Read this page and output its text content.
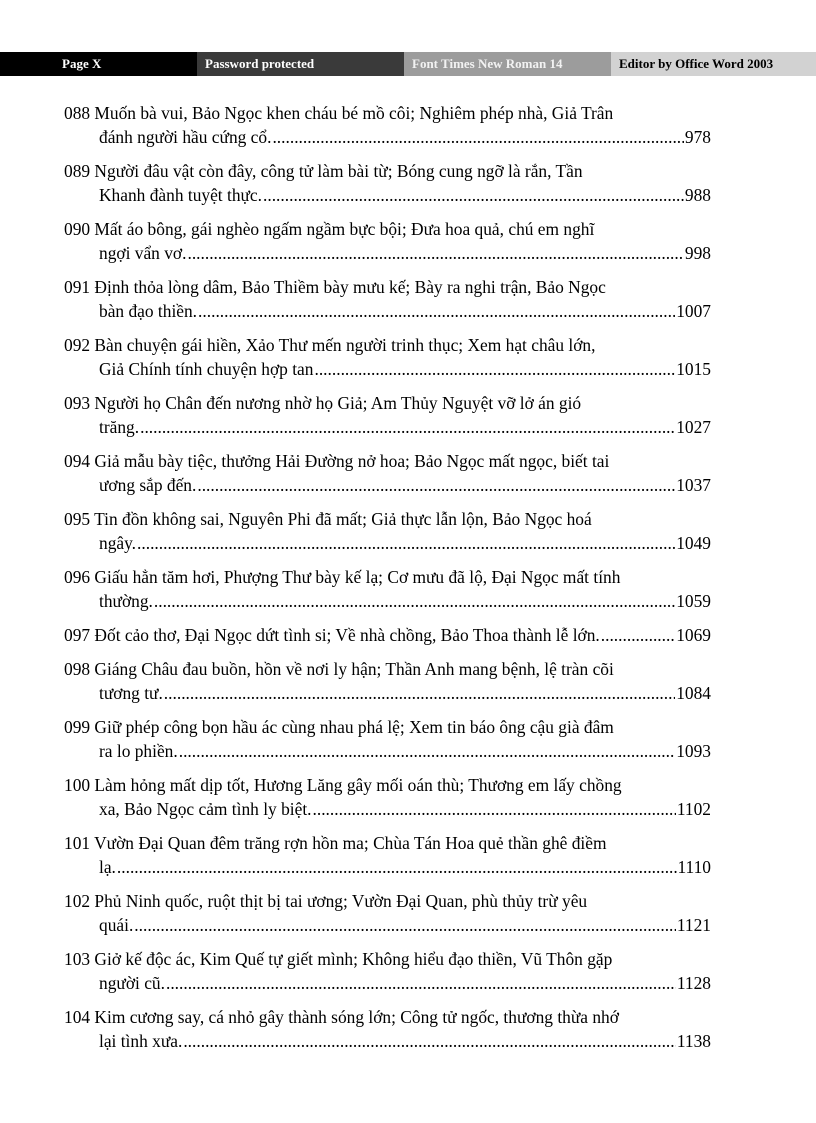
Page X	Password protected	Font Times New Roman 14	Editor by Office Word 2003
088 Muốn bà vui, Bảo Ngọc khen cháu bé mồ côi; Nghiêm phép nhà, Giả Trân
đánh người hầu cứng cổ. .....	978
089 Người đâu vật còn đây, công tử làm bài từ; Bóng cung ngỡ là rắn, Tần
Khanh đành tuyệt thực. .....	988
090 Mất áo bông, gái nghèo ngấm ngầm bực bội; Đưa hoa quả, chú em nghĩ
ngợi vẩn vơ. .....	998
091 Định thỏa lòng dâm, Bảo Thiềm bày mưu kế; Bày ra nghi trận, Bảo Ngọc
bàn đạo thiền. .....	1007
092 Bàn chuyện gái hiền, Xảo Thư mến người trinh thục; Xem hạt châu lớn,
Giả Chính tính chuyện hợp tan .....	1015
093 Người họ Chân đến nương nhờ họ Giả; Am Thủy Nguyệt vỡ lở án gió
trăng. .....	1027
094 Giả mẫu bày tiệc, thưởng Hải Đường nở hoa; Bảo Ngọc mất ngọc, biết tai
ương sắp đến. .....	1037
095 Tin đồn không sai, Nguyên Phi đã mất; Giả thực lẫn lộn, Bảo Ngọc hoá
ngây. .....	1049
096 Giấu hẳn tăm hơi, Phượng Thư bày kế lạ; Cơ mưu đã lộ, Đại Ngọc mất tính
thường. .....	1059
097 Đốt cảo thơ, Đại Ngọc dứt tình si; Về nhà chồng, Bảo Thoa thành lễ lớn. .....	1069
098 Giáng Châu đau buồn, hồn về nơi ly hận; Thần Anh mang bệnh, lệ tràn cõi
tương tư. .....	1084
099 Giữ phép công bọn hầu ác cùng nhau phá lệ; Xem tin báo ông cậu già đâm
ra lo phiền. .....	1093
100 Làm hỏng mất dịp tốt, Hương Lăng gây mối oán thù; Thương em lấy chồng
xa, Bảo Ngọc cảm tình ly biệt. .....	1102
101 Vườn Đại Quan đêm trăng rợn hồn ma; Chùa Tán Hoa quẻ thần ghê điềm
lạ. .....	1110
102 Phủ Ninh quốc, ruột thịt bị tai ương; Vườn Đại Quan, phù thủy trừ yêu
quái. .....	1121
103 Giở kế độc ác, Kim Quế tự giết mình; Không hiểu đạo thiền, Vũ Thôn gặp
người cũ. .....	1128
104 Kim cương say, cá nhỏ gây thành sóng lớn; Công tử ngốc, thương thừa nhớ
lại tình xưa. .....	1138
